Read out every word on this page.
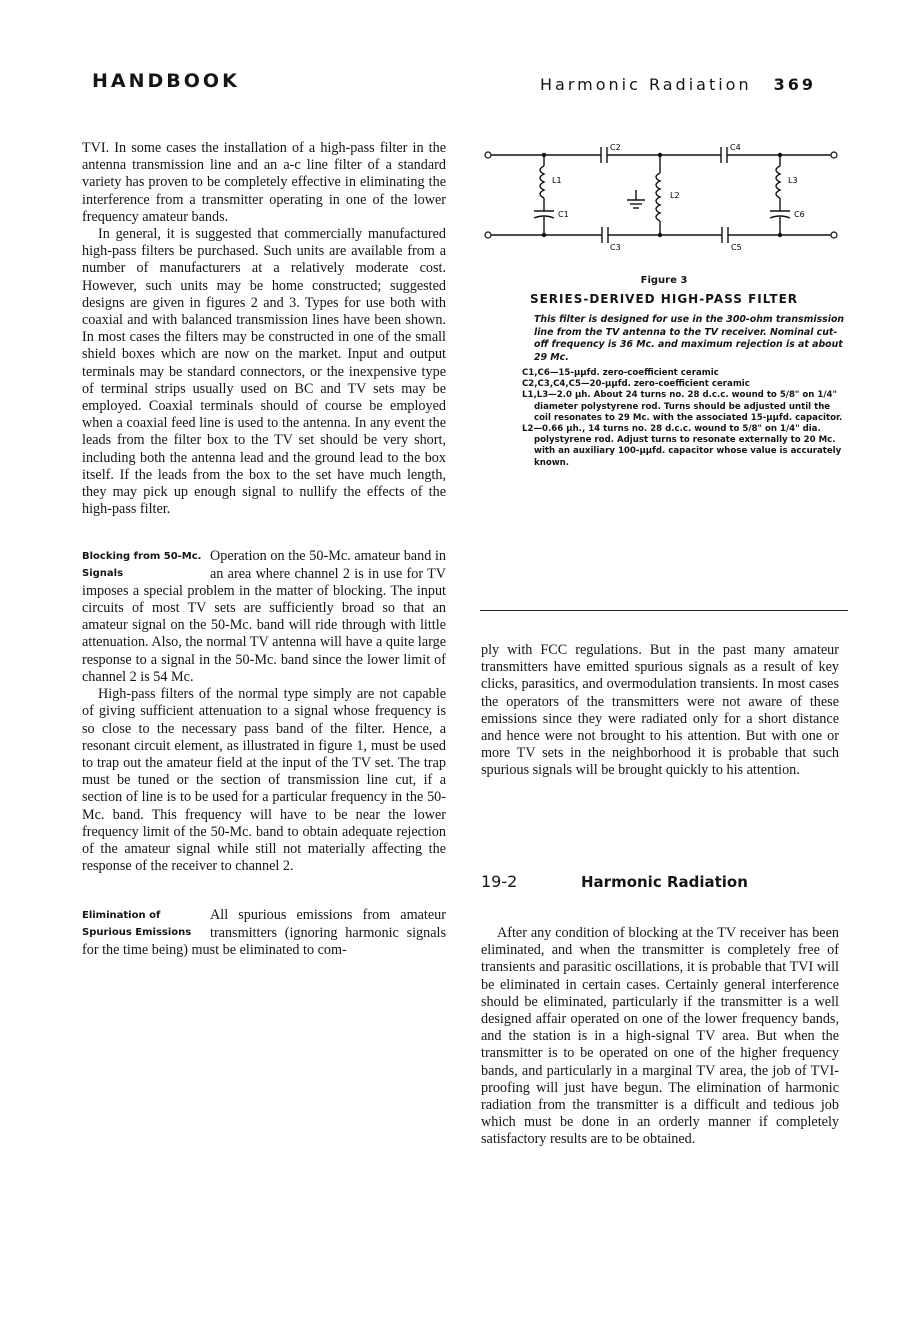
HANDBOOK	Harmonic Radiation 369

TVI. In some cases the installation of a high-pass filter in the antenna transmission line and an a-c line filter of a standard variety has proven to be completely effective in eliminating the interference from a transmitter operating in one of the lower frequency amateur bands.

In general, it is suggested that commercially manufactured high-pass filters be purchased. Such units are available from a number of manufacturers at a relatively moderate cost. However, such units may be home constructed; suggested designs are given in figures 2 and 3. Types for use both with coaxial and with balanced transmission lines have been shown. In most cases the filters may be constructed in one of the small shield boxes which are now on the market. Input and output terminals may be standard connectors, or the inexpensive type of terminal strips usually used on BC and TV sets may be employed. Coaxial terminals should of course be employed when a coaxial feed line is used to the antenna. In any event the leads from the filter box to the TV set should be very short, including both the antenna lead and the ground lead to the box itself. If the leads from the box to the set have much length, they may pick up enough signal to nullify the effects of the high-pass filter.

Blocking from 50-Mc. Signals

Operation on the 50-Mc. amateur band in an area where channel 2 is in use for TV imposes a special problem in the matter of blocking. The input circuits of most TV sets are sufficiently broad so that an amateur signal on the 50-Mc. band will ride through with little attenuation. Also, the normal TV antenna will have a quite large response to a signal in the 50-Mc. band since the lower limit of channel 2 is 54 Mc.

High-pass filters of the normal type simply are not capable of giving sufficient attenuation to a signal whose frequency is so close to the necessary pass band of the filter. Hence, a resonant circuit element, as illustrated in figure 1, must be used to trap out the amateur field at the input of the TV set. The trap must be tuned or the section of transmission line cut, if a section of line is to be used for a particular frequency in the 50-Mc. band. This frequency will have to be near the lower frequency limit of the 50-Mc. band to obtain adequate rejection of the amateur signal while still not materially affecting the response of the receiver to channel 2.

Elimination of Spurious Emissions

All spurious emissions from amateur transmitters (ignoring harmonic signals for the time being) must be eliminated to com-

C2	C4
C3	C5
C1	C6
L1
L2
L3
Figure 3
SERIES-DERIVED HIGH-PASS FILTER
This filter is designed for use in the 300-ohm transmission line from the TV antenna to the TV receiver. Nominal cut-off frequency is 36 Mc. and maximum rejection is at about 29 Mc.
C1,C6—15-μμfd. zero-coefficient ceramic
C2,C3,C4,C5—20-μμfd. zero-coefficient ceramic
L1,L3—2.0 μh. About 24 turns no. 28 d.c.c. wound to 5/8" on 1/4" diameter polystyrene rod. Turns should be adjusted until the coil resonates to 29 Mc. with the associated 15-μμfd. capacitor.
L2—0.66 μh., 14 turns no. 28 d.c.c. wound to 5/8" on 1/4" dia. polystyrene rod. Adjust turns to resonate externally to 20 Mc. with an auxiliary 100-μμfd. capacitor whose value is accurately known.

ply with FCC regulations. But in the past many amateur transmitters have emitted spurious signals as a result of key clicks, parasitics, and overmodulation transients. In most cases the operators of the transmitters were not aware of these emissions since they were radiated only for a short distance and hence were not brought to his attention. But with one or more TV sets in the neighborhood it is probable that such spurious signals will be brought quickly to his attention.

19-2	Harmonic Radiation

After any condition of blocking at the TV receiver has been eliminated, and when the transmitter is completely free of transients and parasitic oscillations, it is probable that TVI will be eliminated in certain cases. Certainly general interference should be eliminated, particularly if the transmitter is a well designed affair operated on one of the lower frequency bands, and the station is in a high-signal TV area. But when the transmitter is to be operated on one of the higher frequency bands, and particularly in a marginal TV area, the job of TVI-proofing will just have begun. The elimination of harmonic radiation from the transmitter is a difficult and tedious job which must be done in an orderly manner if completely satisfactory results are to be obtained.
